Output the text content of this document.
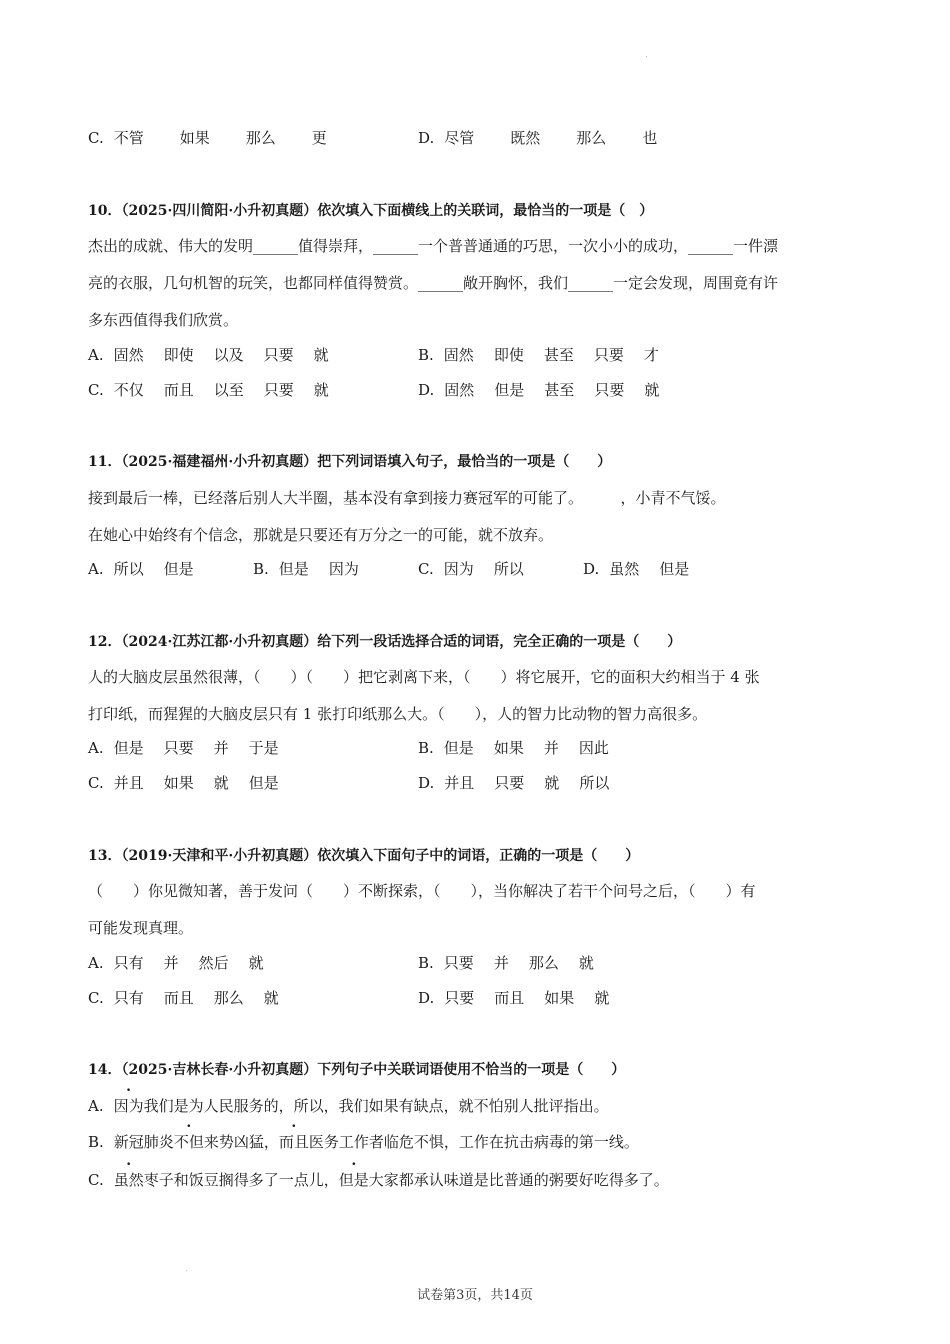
C. 不管 如果 那么 更	D. 尽管 既然 那么 也
10．（2025·四川简阳·小升初真题）依次填入下面横线上的关联词，最恰当的一项是（　）
杰出的成就、伟大的发明______值得崇拜，______一个普普通通的巧思，一次小小的成功，______一件漂
亮的衣服，几句机智的玩笑，也都同样值得赞赏。______敞开胸怀，我们______一定会发现，周围竟有许
多东西值得我们欣赏。
A. 固然 即使 以及 只要 就	B. 固然 即使 甚至 只要 才
C. 不仅 而且 以至 只要 就	D. 固然 但是 甚至 只要 就
11．（2025·福建福州·小升初真题）把下列词语填入句子，最恰当的一项是（　　）
接到最后一棒，已经落后别人大半圈，基本没有拿到接力赛冠军的可能了。　　　，小青不气馁。
在她心中始终有个信念，那就是只要还有万分之一的可能，就不放弃。
A. 所以 但是	B. 但是 因为	C. 因为 所以	D. 虽然 但是
12．（2024·江苏江都·小升初真题）给下列一段话选择合适的词语，完全正确的一项是（　　）
人的大脑皮层虽然很薄，（　　）（　　）把它剥离下来，（　　）将它展开，它的面积大约相当于 4 张
打印纸，而猩猩的大脑皮层只有 1 张打印纸那么大。（　　），人的智力比动物的智力高很多。
A. 但是 只要 并 于是	B. 但是 如果 并 因此
C. 并且 如果 就 但是	D. 并且 只要 就 所以
13．（2019·天津和平·小升初真题）依次填入下面句子中的词语，正确的一项是（　　）
（　　）你见微知著，善于发问（　　）不断探索，（　　），当你解决了若干个问号之后，（　　）有
可能发现真理。
A. 只有 并 然后 就	B. 只要 并 那么 就
C. 只有 而且 那么 就	D. 只要 而且 如果 就
14．（2025·吉林长春·小升初真题）下列句子中关联词语使用不恰当的一项是（　　）
A. 因为我们是为人民服务的，所以，我们如果有缺点，就不怕别人批评指出。
B. 新冠肺炎不但来势凶猛，而且医务工作者临危不惧，工作在抗击病毒的第一线。
C. 虽然枣子和饭豆搁得多了一点儿，但是大家都承认味道是比普通的粥要好吃得多了。
试卷第3页，共14页
